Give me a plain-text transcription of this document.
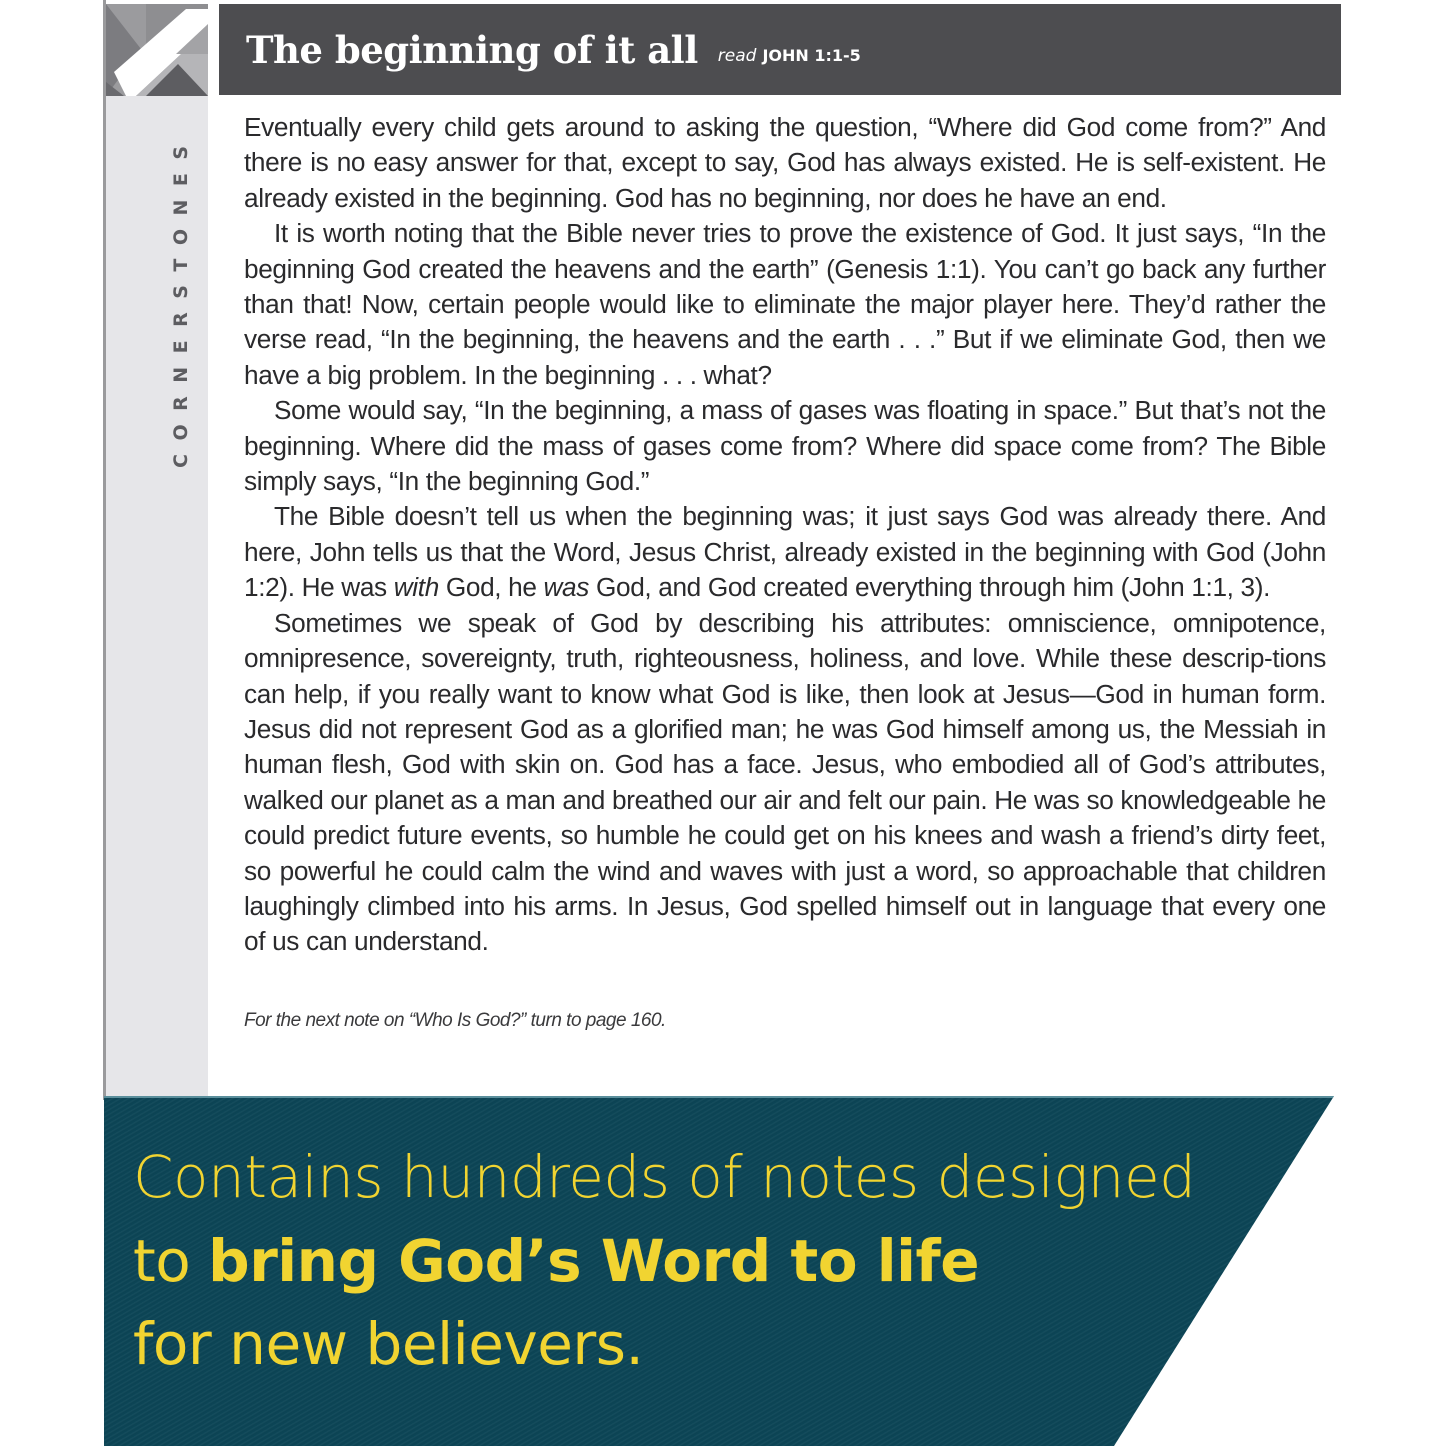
CORNERSTONES
The beginning of it all read JOHN 1:1-5

Eventually every child gets around to asking the question, “Where did God come from?” And there is no easy answer for that, except to say, God has always existed. He is self-existent. He already existed in the beginning. God has no beginning, nor does he have an end.

It is worth noting that the Bible never tries to prove the existence of God. It just says, “In the beginning God created the heavens and the earth” (Genesis 1:1). You can’t go back any further than that! Now, certain people would like to eliminate the major player here. They’d rather the verse read, “In the beginning, the heavens and the earth . . .” But if we eliminate God, then we have a big problem. In the beginning . . . what?

Some would say, “In the beginning, a mass of gases was floating in space.” But that’s not the beginning. Where did the mass of gases come from? Where did space come from? The Bible simply says, “In the beginning God.”

The Bible doesn’t tell us when the beginning was; it just says God was already there. And here, John tells us that the Word, Jesus Christ, already existed in the beginning with God (John 1:2). He was with God, he was God, and God created everything through him (John 1:1, 3).

Sometimes we speak of God by describing his attributes: omniscience, omnipotence, omnipresence, sovereignty, truth, righteousness, holiness, and love. While these descrip-tions can help, if you really want to know what God is like, then look at Jesus—God in human form. Jesus did not represent God as a glorified man; he was God himself among us, the Messiah in human flesh, God with skin on. God has a face. Jesus, who embodied all of God’s attributes, walked our planet as a man and breathed our air and felt our pain. He was so knowledgeable he could predict future events, so humble he could get on his knees and wash a friend’s dirty feet, so powerful he could calm the wind and waves with just a word, so approachable that children laughingly climbed into his arms. In Jesus, God spelled himself out in language that every one of us can understand.

For the next note on “Who Is God?” turn to page 160.
Contains hundreds of notes designed
to bring God’s Word to life
for new believers.
